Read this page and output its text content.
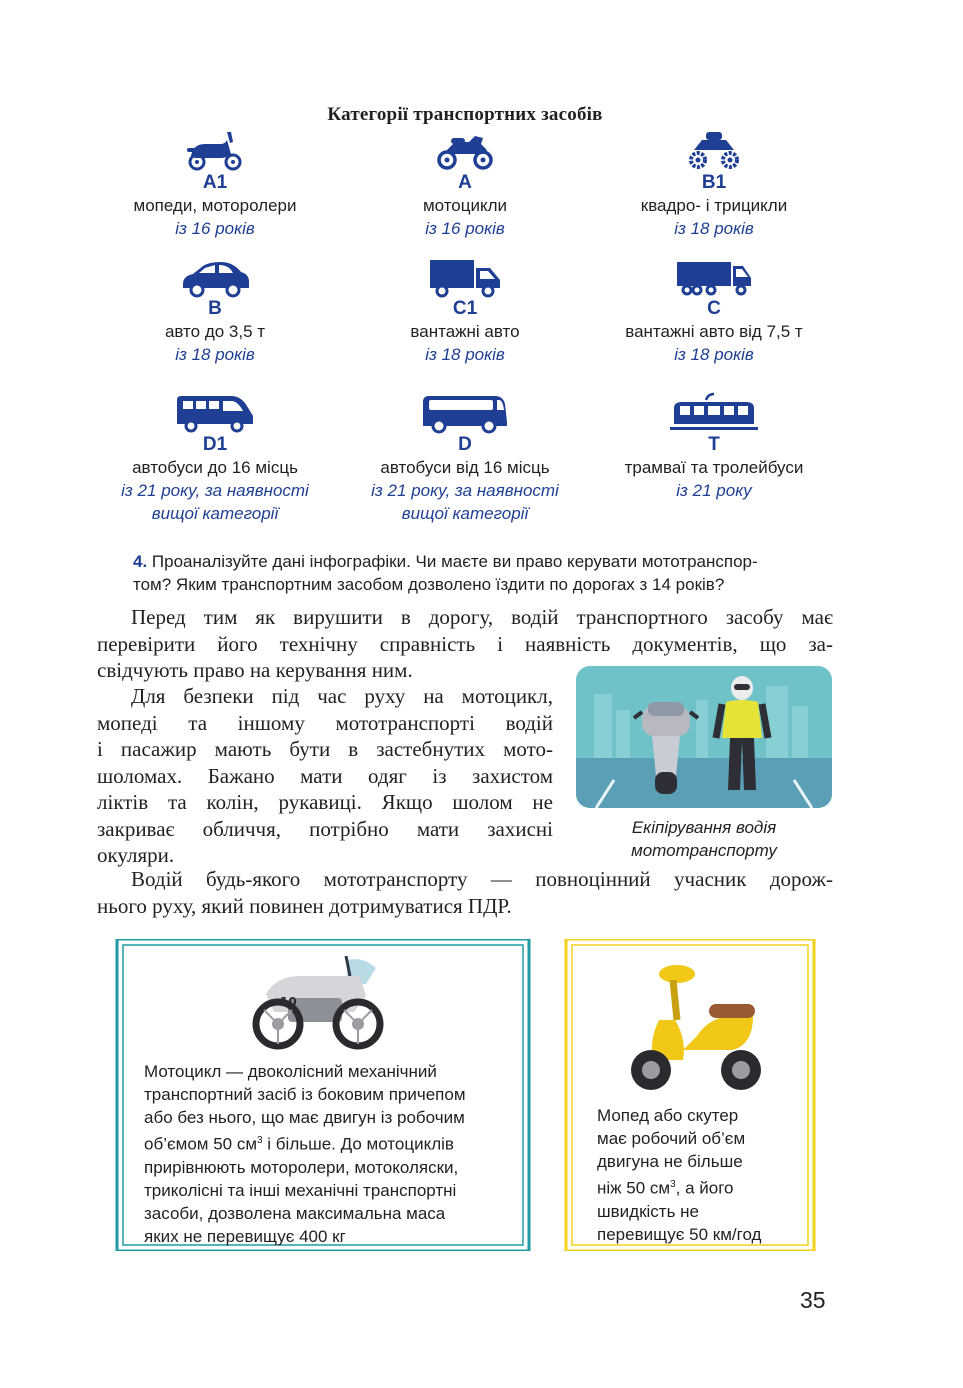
Категорії транспортних засобів
A1
мопеди, моторолери
із 16 років
A
мотоцикли
із 16 років
B1
квадро- і трицикли
із 18 років
B
авто до 3,5 т
із 18 років
C1
вантажні авто
із 18 років
C
вантажні авто від 7,5 т
із 18 років
D1
автобуси до 16 місць
із 21 року, за наявності
вищої категорії
D
автобуси від 16 місць
із 21 року, за наявності
вищої категорії
T
трамваї та тролейбуси
із 21 року
4. Проаналізуйте дані інфографіки. Чи маєте ви право керувати мототранспор-
том? Яким транспортним засобом дозволено їздити по дорогах з 14 років?
Перед тим як вирушити в дорогу, водій транспортного засобу має
перевірити його технічну справність і наявність документів, що за-
свідчують право на керування ним.
Для безпеки під час руху на мотоцикл,
мопеді та іншому мототранспорті водій
і пасажир мають бути в застебнутих мото-
шоломах. Бажано мати одяг із захистом
ліктів та колін, рукавиці. Якщо шолом не
закриває обличчя, потрібно мати захисні
окуляри.
Екіпірування водія
мототранспорту
Водій будь-якого мототранспорту — повноцінний учасник дорож-
нього руху, який повинен дотримуватися ПДР.
10
Мотоцикл — двоколісний механічний
транспортний засіб із боковим причепом
або без нього, що має двигун із робочим
об’ємом 50 $см^3$ і більше. До мотоциклів
прирівнюють моторолери, мотоколяски,
триколісні та інші механічні транспортні
засоби, дозволена максимальна маса
яких не перевищує 400 кг
Мопед або скутер
має робочий об’єм
двигуна не більше
ніж 50 $см^3$, а його
швидкість не
перевищує 50 км/год
35
